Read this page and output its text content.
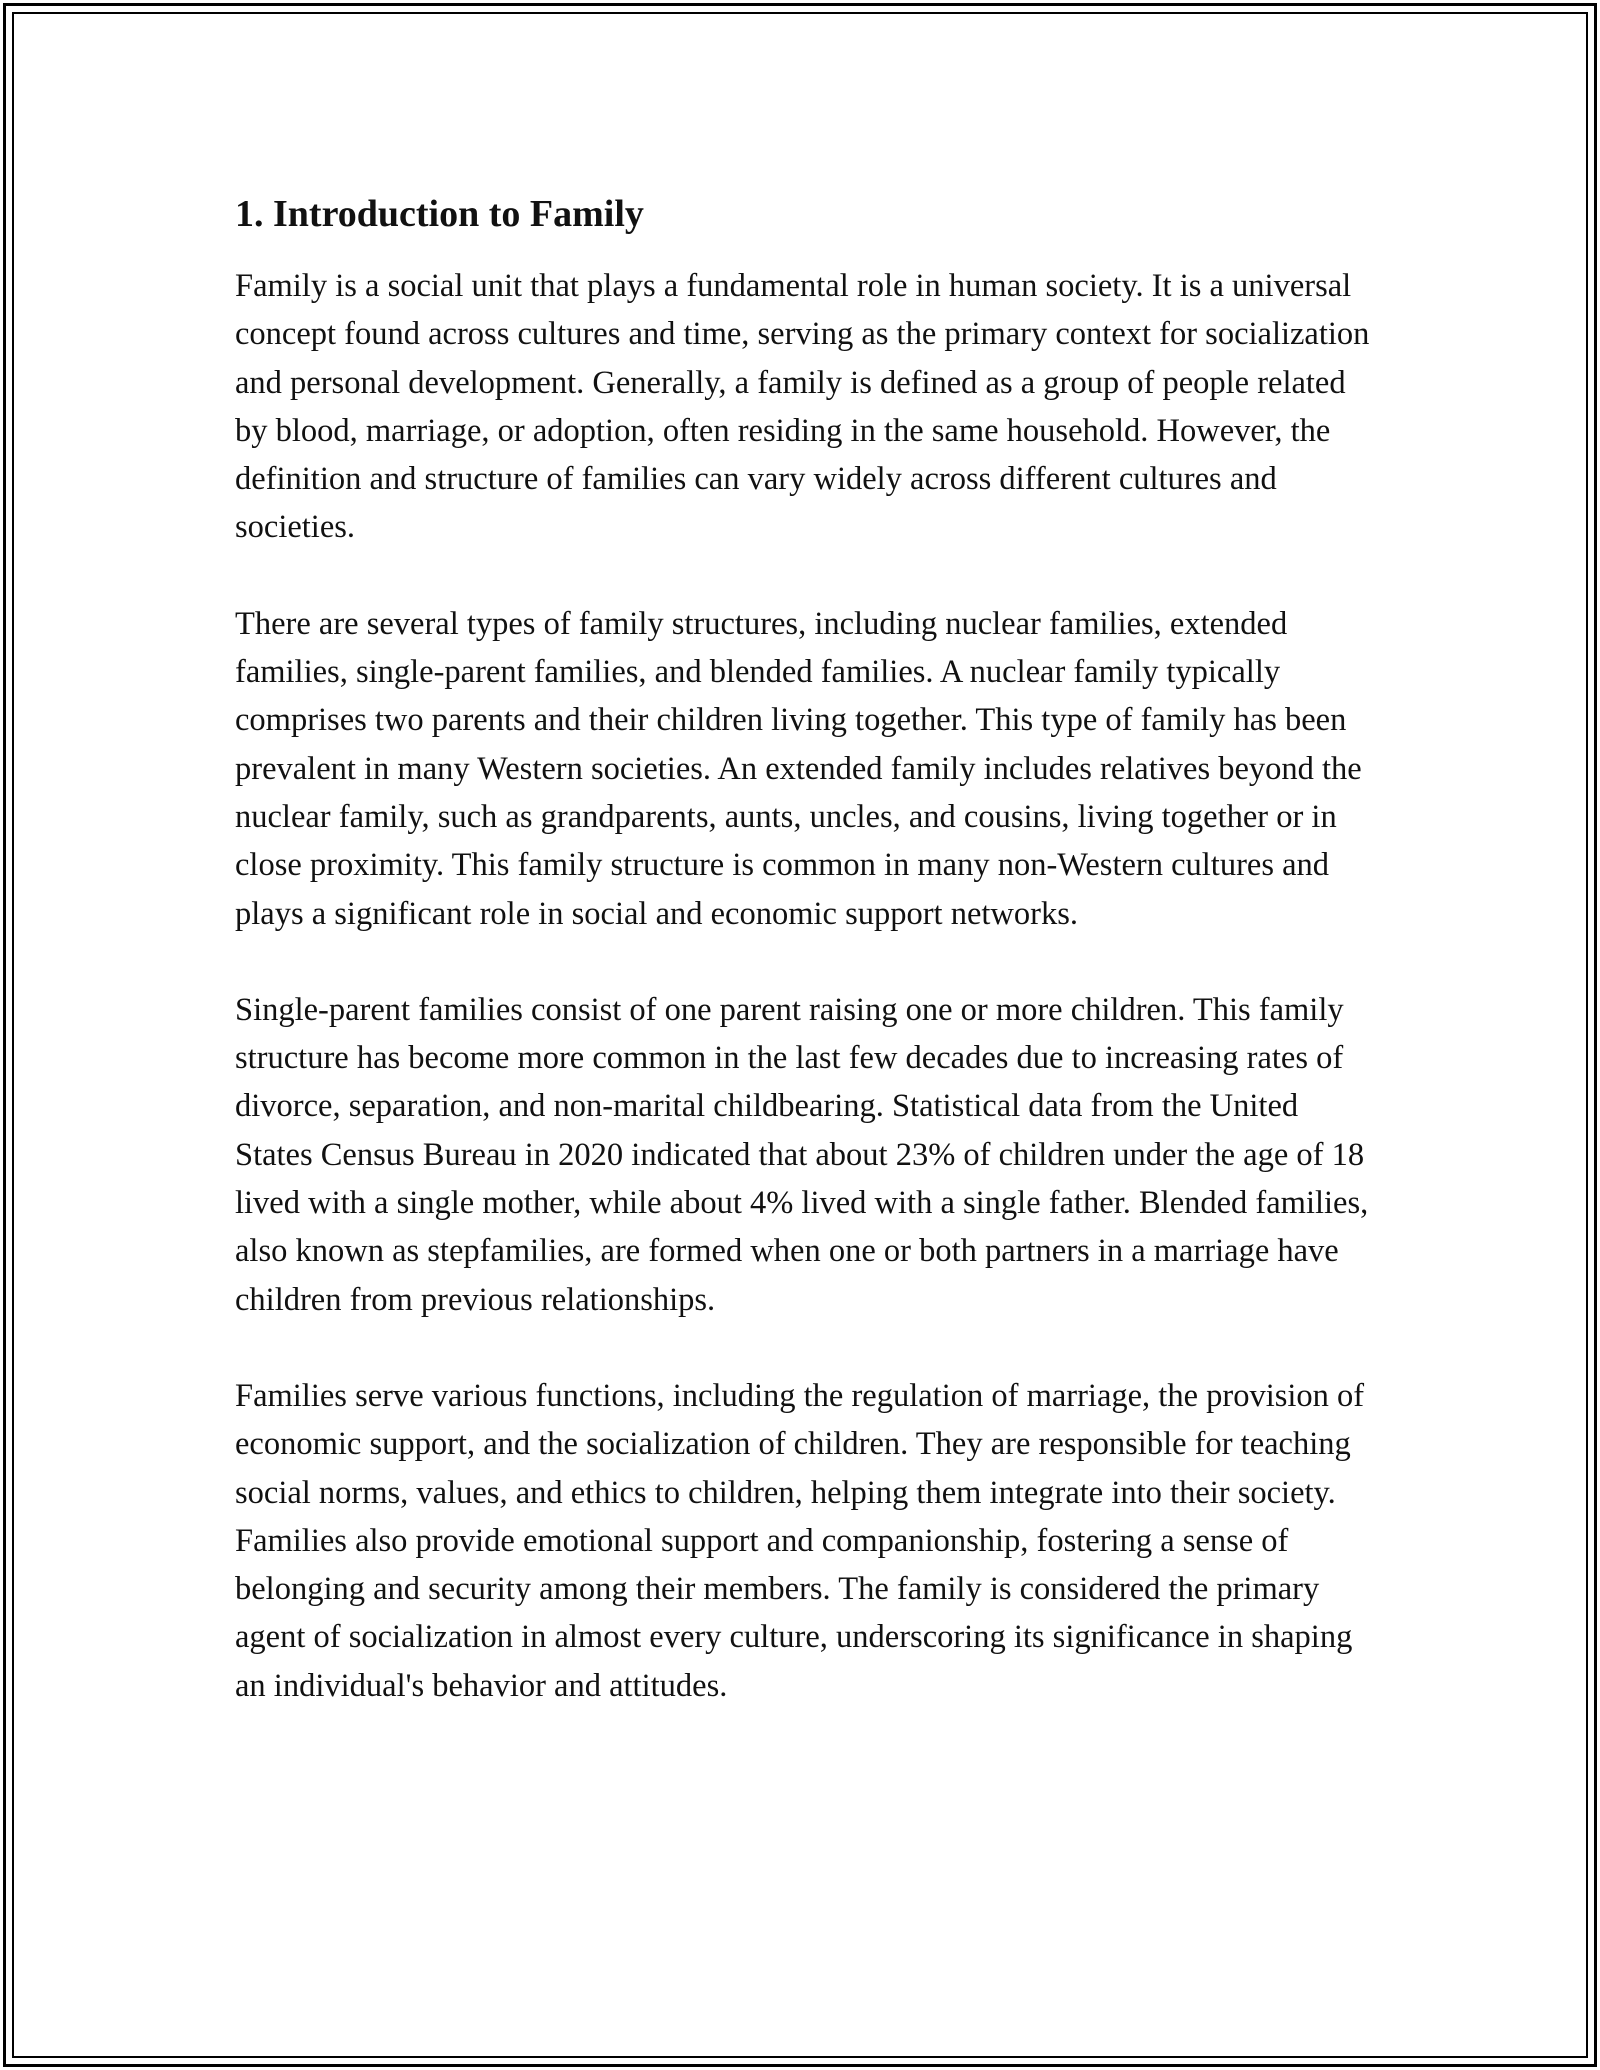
1. Introduction to Family

Family is a social unit that plays a fundamental role in human society. It is a universal concept found across cultures and time, serving as the primary context for socialization and personal development. Generally, a family is defined as a group of people related by blood, marriage, or adoption, often residing in the same household. However, the definition and structure of families can vary widely across different cultures and societies.

There are several types of family structures, including nuclear families, extended families, single-parent families, and blended families. A nuclear family typically comprises two parents and their children living together. This type of family has been prevalent in many Western societies. An extended family includes relatives beyond the nuclear family, such as grandparents, aunts, uncles, and cousins, living together or in close proximity. This family structure is common in many non-Western cultures and plays a significant role in social and economic support networks.

Single-parent families consist of one parent raising one or more children. This family structure has become more common in the last few decades due to increasing rates of divorce, separation, and non-marital childbearing. Statistical data from the United States Census Bureau in 2020 indicated that about 23% of children under the age of 18 lived with a single mother, while about 4% lived with a single father. Blended families, also known as stepfamilies, are formed when one or both partners in a marriage have children from previous relationships.

Families serve various functions, including the regulation of marriage, the provision of economic support, and the socialization of children. They are responsible for teaching social norms, values, and ethics to children, helping them integrate into their society. Families also provide emotional support and companionship, fostering a sense of belonging and security among their members. The family is considered the primary agent of socialization in almost every culture, underscoring its significance in shaping an individual's behavior and attitudes.
